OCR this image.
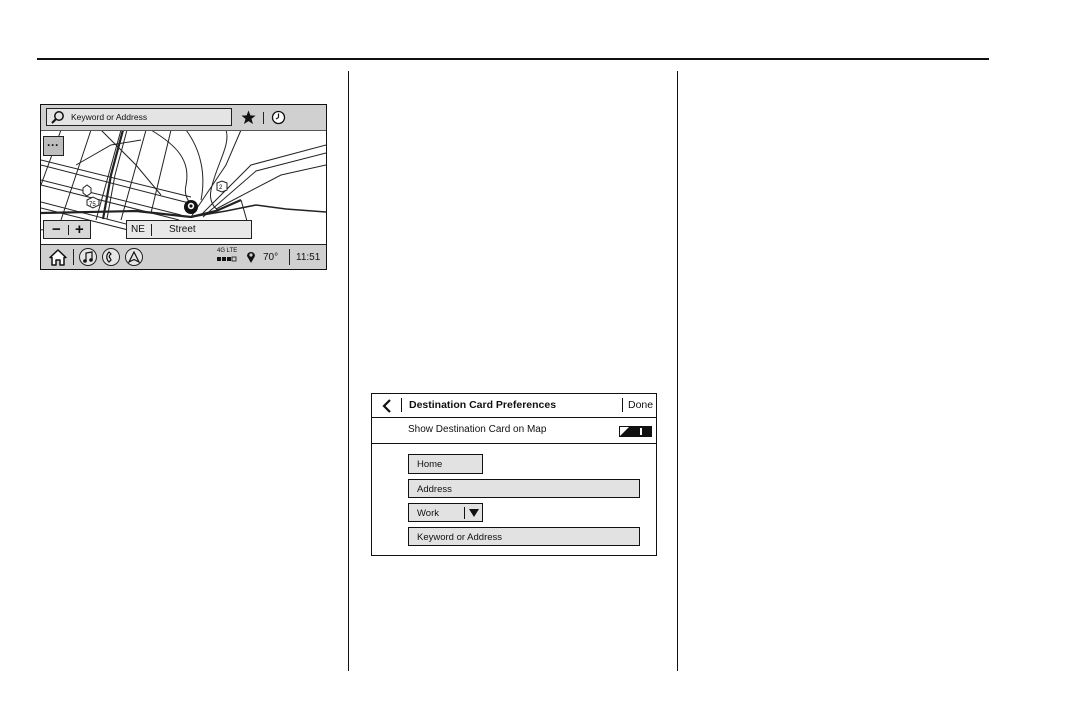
75
2
Keyword or Address
···
− +	NE Street
4G LTE
70° 11:51
Destination Card Preferences	Done
Show Destination Card on Map
Home
Address
Work
Keyword or Address
